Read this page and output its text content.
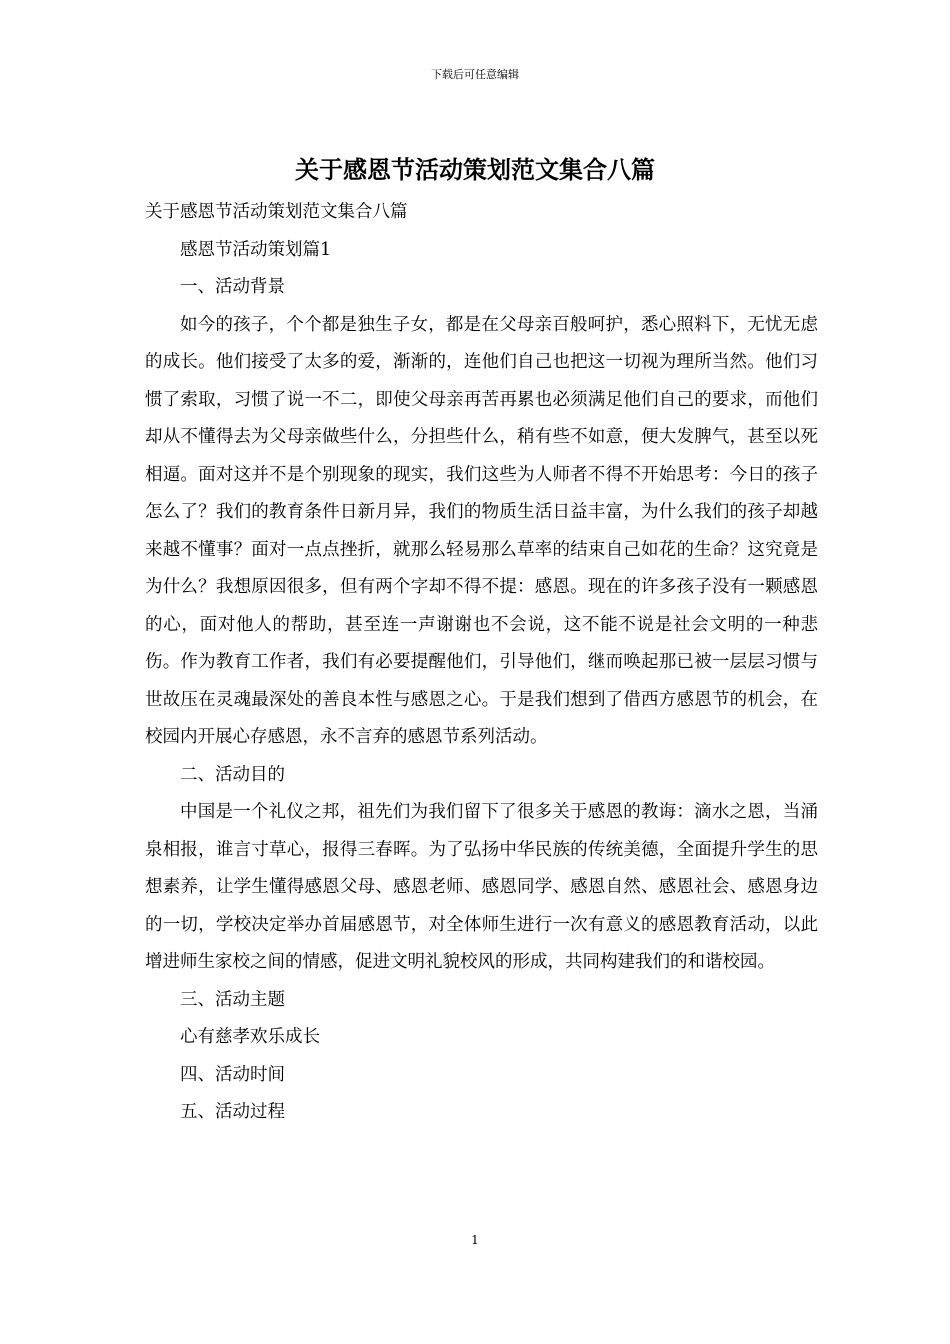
下载后可任意编辑
关于感恩节活动策划范文集合八篇

关于感恩节活动策划范文集合八篇

感恩节活动策划篇1

一、活动背景

如今的孩子，个个都是独生子女，都是在父母亲百般呵护，悉心照料下，无忧无虑的成长。他们接受了太多的爱，渐渐的，连他们自己也把这一切视为理所当然。他们习惯了索取，习惯了说一不二，即使父母亲再苦再累也必须满足他们自己的要求，而他们却从不懂得去为父母亲做些什么，分担些什么，稍有些不如意，便大发脾气，甚至以死相逼。面对这并不是个别现象的现实，我们这些为人师者不得不开始思考：今日的孩子怎么了？我们的教育条件日新月异，我们的物质生活日益丰富，为什么我们的孩子却越来越不懂事？面对一点点挫折，就那么轻易那么草率的结束自己如花的生命？这究竟是为什么？我想原因很多，但有两个字却不得不提：感恩。现在的许多孩子没有一颗感恩的心，面对他人的帮助，甚至连一声谢谢也不会说，这不能不说是社会文明的一种悲伤。作为教育工作者，我们有必要提醒他们，引导他们，继而唤起那已被一层层习惯与世故压在灵魂最深处的善良本性与感恩之心。于是我们想到了借西方感恩节的机会，在校园内开展心存感恩，永不言弃的感恩节系列活动。

二、活动目的

中国是一个礼仪之邦，祖先们为我们留下了很多关于感恩的教诲：滴水之恩，当涌泉相报，谁言寸草心，报得三春晖。为了弘扬中华民族的传统美德，全面提升学生的思想素养，让学生懂得感恩父母、感恩老师、感恩同学、感恩自然、感恩社会、感恩身边的一切，学校决定举办首届感恩节，对全体师生进行一次有意义的感恩教育活动，以此增进师生家校之间的情感，促进文明礼貌校风的形成，共同构建我们的和谐校园。

三、活动主题

心有慈孝欢乐成长

四、活动时间

五、活动过程

1
